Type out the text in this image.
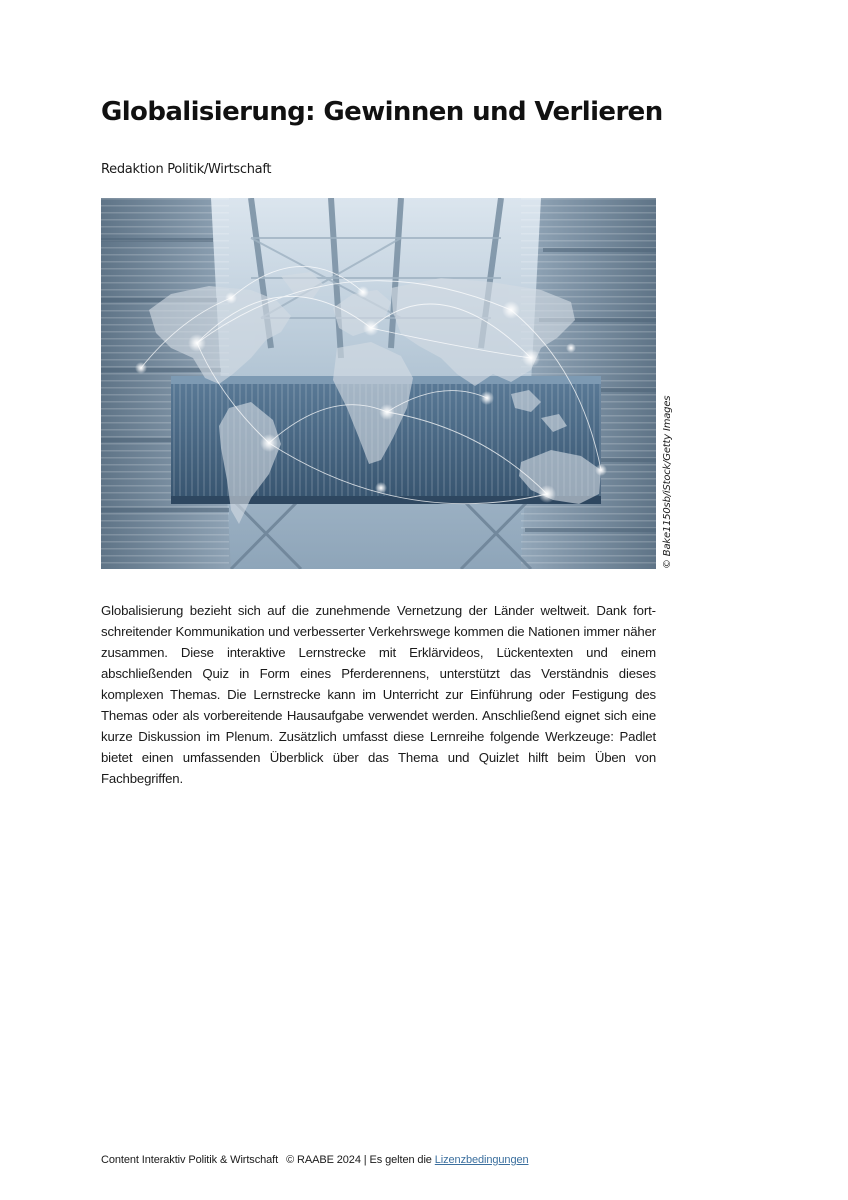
Globalisierung: Gewinnen und Verlieren
Redaktion Politik/Wirtschaft
© Bake1150sb/iStock/Getty Images

Globalisierung bezieht sich auf die zunehmende Vernetzung der Länder weltweit. Dank fortschreitender Kommunikation und verbesserter Verkehrswege kommen die Nationen immer näher zusammen. Diese interaktive Lernstrecke mit Erklärvideos, Lückentexten und einem abschließenden Quiz in Form eines Pferderennens, unterstützt das Verständnis dieses komplexen Themas. Die Lernstrecke kann im Unterricht zur Einführung oder Festigung des Themas oder als vorbereitende Hausaufgabe verwendet werden. Anschließend eignet sich eine kurze Diskussion im Plenum. Zusätzlich umfasst diese Lernreihe folgende Werkzeuge: Padlet bietet einen umfassenden Überblick über das Thema und Quizlet hilft beim Üben von Fachbegriffen.

Content Interaktiv Politik & Wirtschaft © RAABE 2024 | Es gelten die Lizenzbedingungen
